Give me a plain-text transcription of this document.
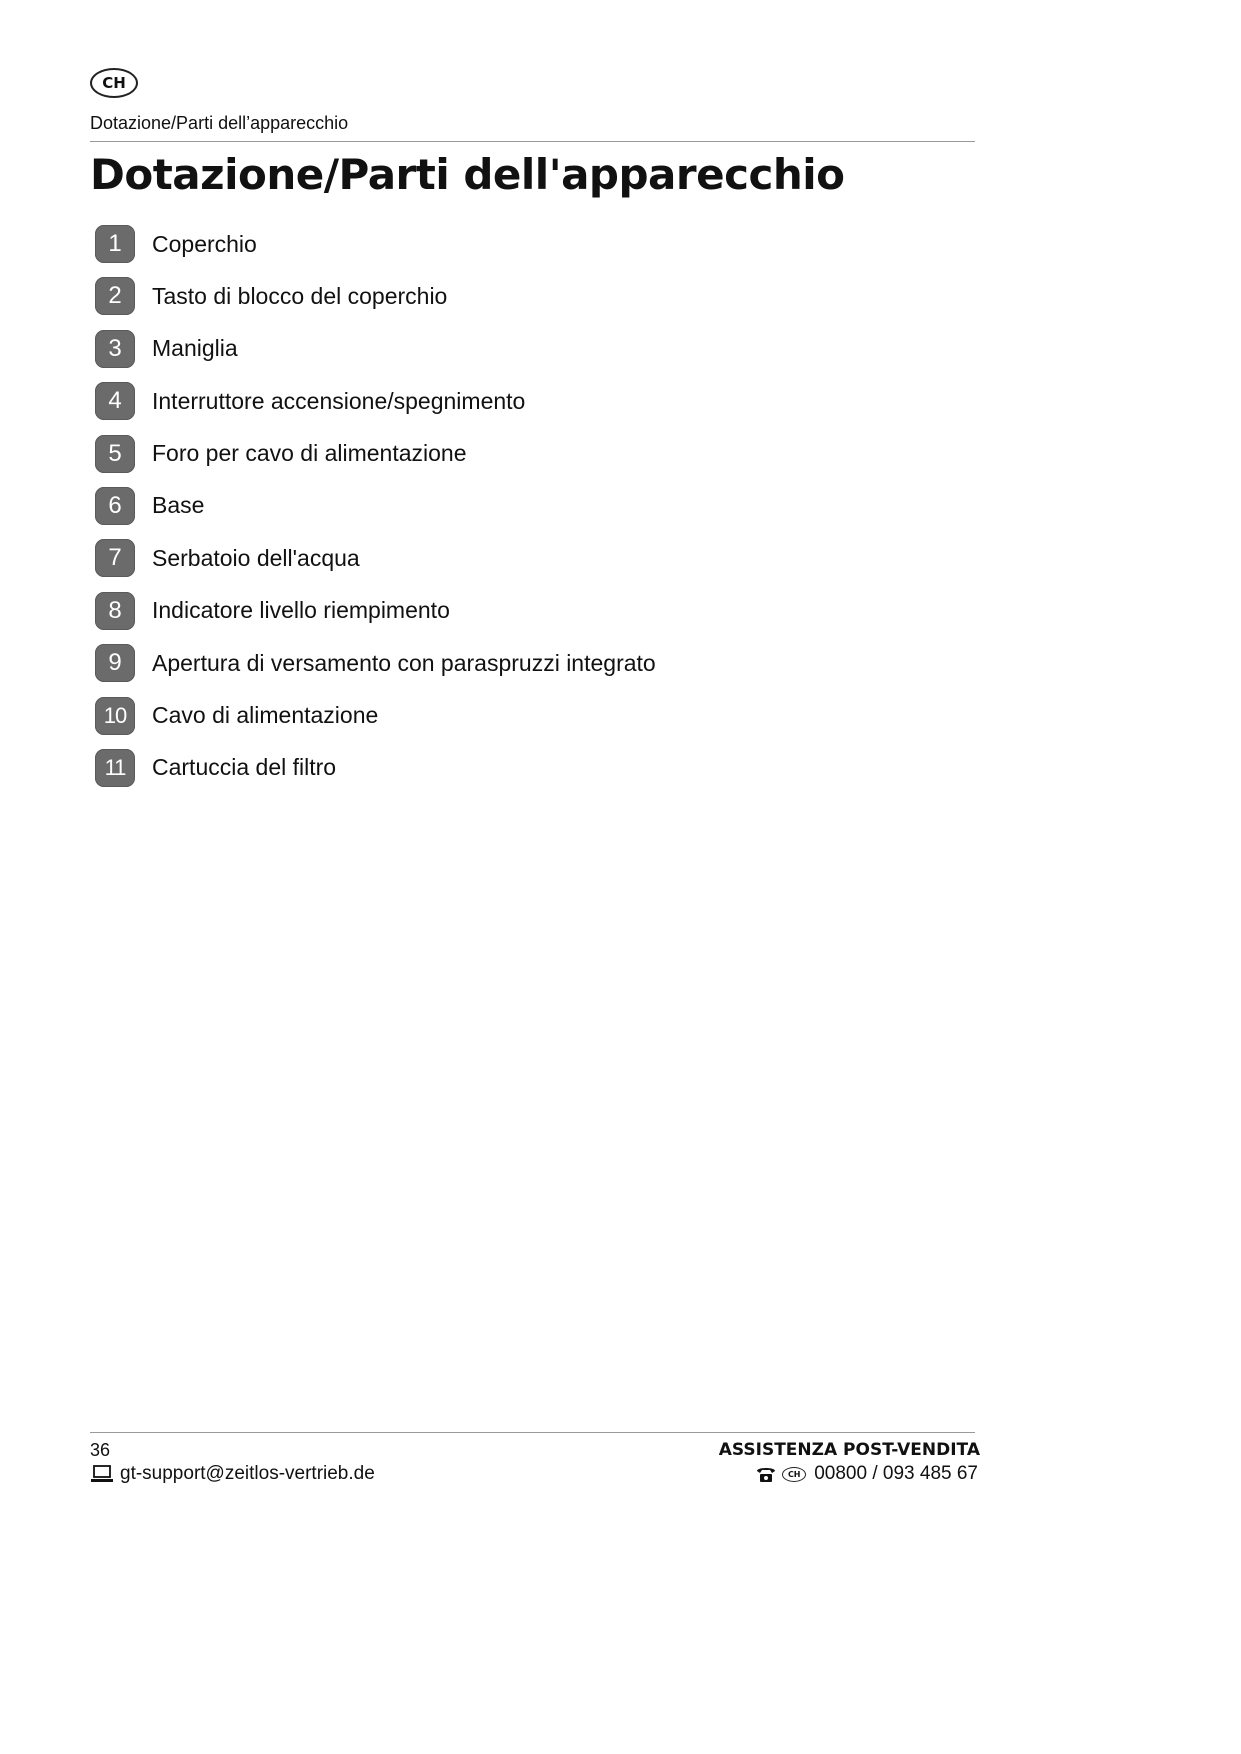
CH
Dotazione/Parti dell’apparecchio
Dotazione/Parti dell'apparecchio
1	Coperchio
2	Tasto di blocco del coperchio
3	Maniglia
4	Interruttore accensione/spegnimento
5	Foro per cavo di alimentazione
6	Base
7	Serbatoio dell'acqua
8	Indicatore livello riempimento
9	Apertura di versamento con paraspruzzi integrato
10	Cavo di alimentazione
11	Cartuccia del filtro
36
gt-support@zeitlos-vertrieb.de
ASSISTENZA POST-VENDITA
CH 00800 / 093 485 67
